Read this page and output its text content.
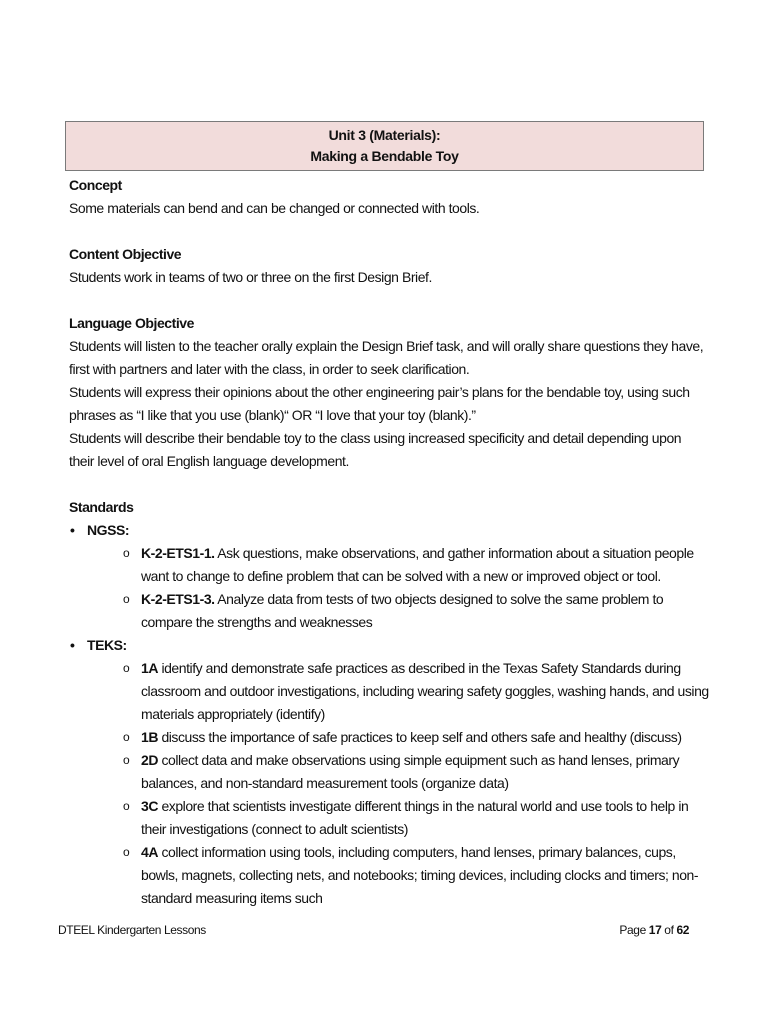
Unit 3 (Materials):
Making a Bendable Toy

Concept

Some materials can bend and can be changed or connected with tools.

Content Objective

Students work in teams of two or three on the first Design Brief.

Language Objective

Students will listen to the teacher orally explain the Design Brief task, and will orally share questions they have, first with partners and later with the class, in order to seek clarification.

Students will express their opinions about the other engineering pair’s plans for the bendable toy, using such phrases as “I like that you use (blank)“ OR “I love that your toy (blank).”

Students will describe their bendable toy to the class using increased specificity and detail depending upon their level of oral English language development.

Standards

• NGSS:
o K-2-ETS1-1. Ask questions, make observations, and gather information about a situation people want to change to define problem that can be solved with a new or improved object or tool.
o K-2-ETS1-3. Analyze data from tests of two objects designed to solve the same problem to compare the strengths and weaknesses
• TEKS:
o 1A identify and demonstrate safe practices as described in the Texas Safety Standards during classroom and outdoor investigations, including wearing safety goggles, washing hands, and using materials appropriately (identify)
o 1B discuss the importance of safe practices to keep self and others safe and healthy (discuss)
o 2D collect data and make observations using simple equipment such as hand lenses, primary balances, and non-standard measurement tools (organize data)
o 3C explore that scientists investigate different things in the natural world and use tools to help in their investigations (connect to adult scientists)
o 4A collect information using tools, including computers, hand lenses, primary balances, cups, bowls, magnets, collecting nets, and notebooks; timing devices, including clocks and timers; non-standard measuring items such
DTEEL Kindergarten Lessons	Page 17 of 62
